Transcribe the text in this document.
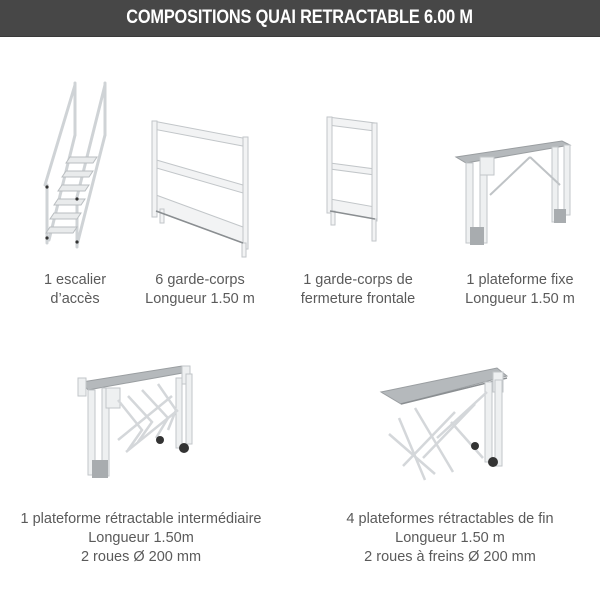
COMPOSITIONS QUAI RETRACTABLE 6.00 M
1 escalier
d’accès
6 garde-corps
Longueur 1.50 m
1 garde-corps de
fermeture frontale
1 plateforme fixe
Longueur 1.50 m
1 plateforme rétractable intermédiaire
Longueur 1.50m
2 roues Ø 200 mm
4 plateformes rétractables de fin
Longueur 1.50 m
2 roues à freins Ø 200 mm
